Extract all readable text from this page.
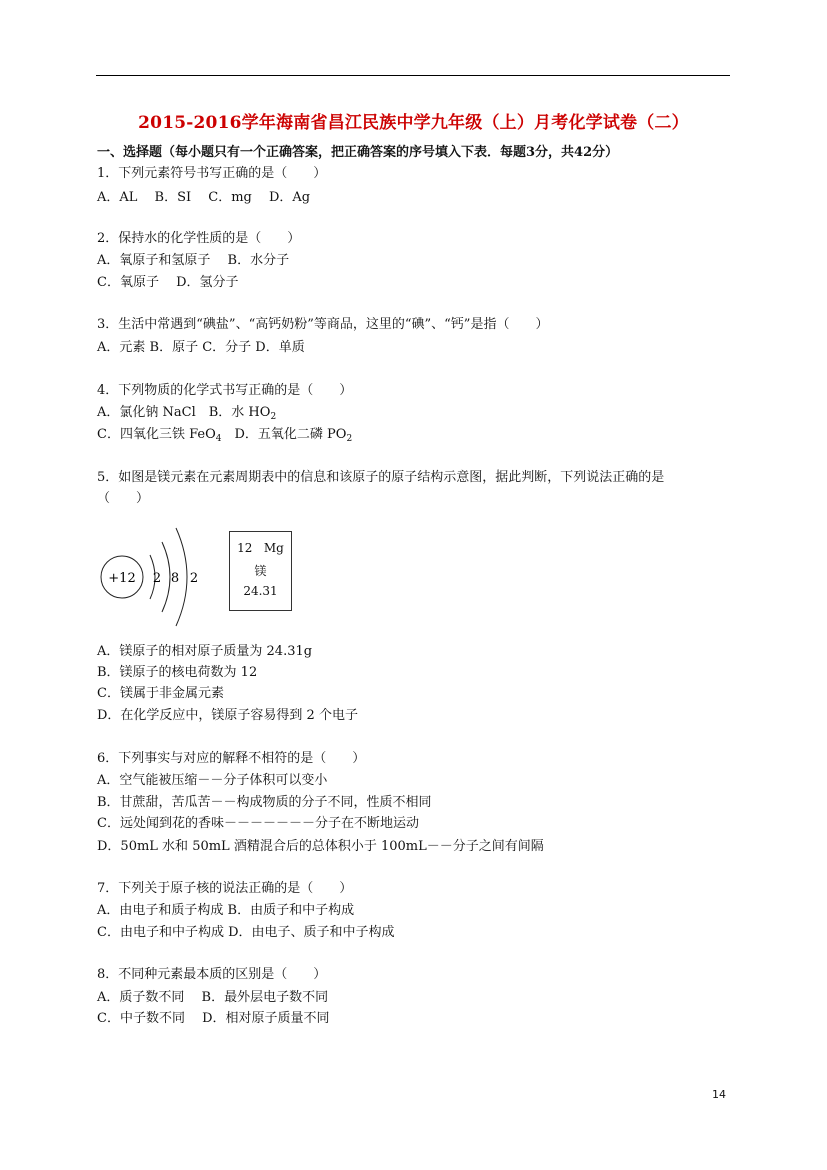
2015-2016学年海南省昌江民族中学九年级（上）月考化学试卷（二）
一、选择题（每小题只有一个正确答案，把正确答案的序号填入下表．每题3分，共42分）
1．下列元素符号书写正确的是（　　）
A．AL　 B．SI　 C．mg　 D．Ag
2．保持水的化学性质的是（　　）
A．氧原子和氢原子　 B．水分子
C．氧原子　 D．氢分子
3．生活中常遇到“碘盐”、“高钙奶粉”等商品，这里的“碘”、“钙”是指（　　）
A．元素 B．原子 C．分子 D．单质
4．下列物质的化学式书写正确的是（　　）
A．氯化钠 NaCl　B．水 $HO_2$
C．四氧化三铁 FeO$_4$　 D．五氧化二磷 $PO_2$
5．如图是镁元素在元素周期表中的信息和该原子的原子结构示意图，据此判断，下列说法正确的是
（　　）
+12 2 8 2
12 Mg
镁
24.31
A．镁原子的相对原子质量为 24.31g
B．镁原子的核电荷数为 12
C．镁属于非金属元素
D．在化学反应中，镁原子容易得到 2 个电子
6．下列事实与对应的解释不相符的是（　　）
A．空气能被压缩－－分子体积可以变小
B．甘蔗甜，苦瓜苦－－构成物质的分子不同，性质不相同
C．远处闻到花的香味－－－－－－－分子在不断地运动
D．50mL 水和 50mL 酒精混合后的总体积小于 100mL－－分子之间有间隔
7．下列关于原子核的说法正确的是（　　）
A．由电子和质子构成 B．由质子和中子构成
C．由电子和中子构成 D．由电子、质子和中子构成
8．不同种元素最本质的区别是（　　）
A．质子数不同　 B．最外层电子数不同
C．中子数不同　 D．相对原子质量不同
14
